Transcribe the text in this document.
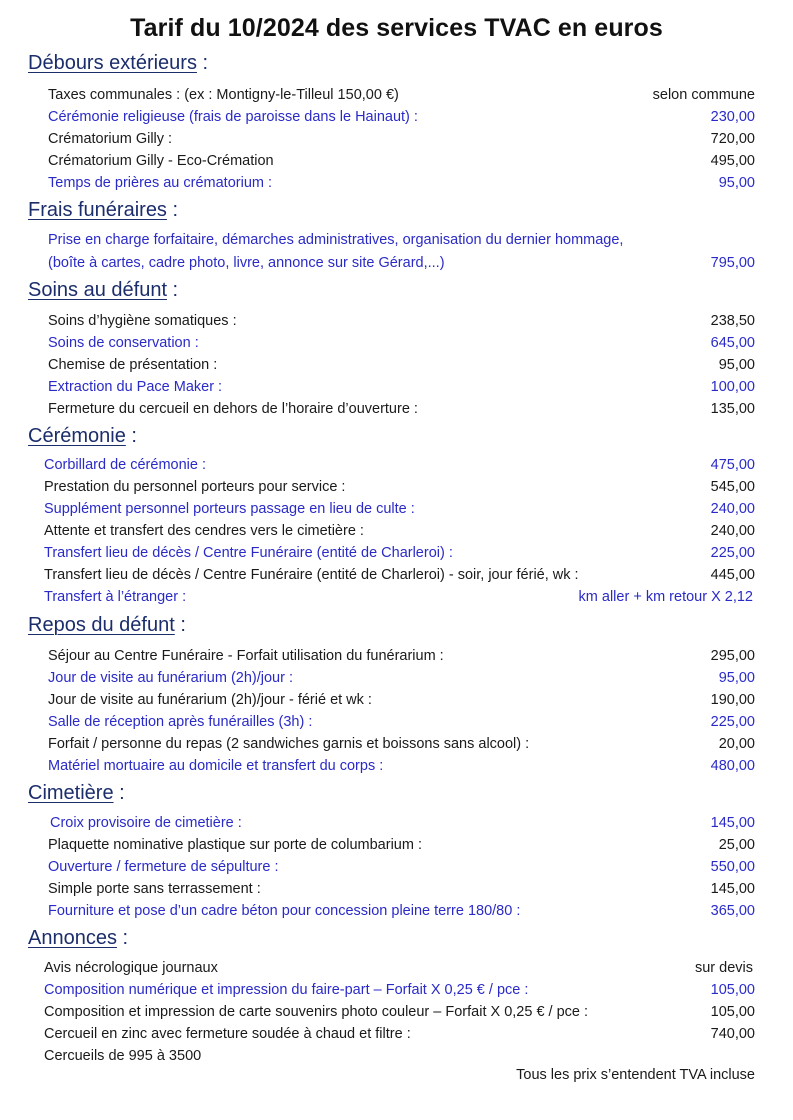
Tarif du 10/2024 des services TVAC en euros
Débours extérieurs :
Taxes communales : (ex : Montigny-le-Tilleul 150,00 €)	selon commune
Cérémonie religieuse (frais de paroisse dans le Hainaut) :	230,00
Crématorium Gilly :	720,00
Crématorium Gilly - Eco-Crémation	495,00
Temps de prières au crématorium :	95,00
Frais funéraires :
Prise en charge forfaitaire, démarches administratives, organisation du dernier hommage, (boîte à cartes, cadre photo, livre, annonce sur site Gérard,...)	795,00
Soins au défunt :
Soins d’hygiène somatiques :	238,50
Soins de conservation :	645,00
Chemise de présentation :	95,00
Extraction du Pace Maker :	100,00
Fermeture du cercueil en dehors de l’horaire d’ouverture :	135,00
Cérémonie :
Corbillard de cérémonie :	475,00
Prestation du personnel porteurs pour service :	545,00
Supplément personnel porteurs passage en lieu de culte :	240,00
Attente et transfert des cendres vers le cimetière :	240,00
Transfert lieu de décès / Centre Funéraire (entité de Charleroi) :	225,00
Transfert lieu de décès / Centre Funéraire (entité de Charleroi) - soir, jour férié, wk :	445,00
Transfert à l’étranger :	km aller + km retour X 2,12
Repos du défunt :
Séjour au Centre Funéraire - Forfait utilisation du funérarium :	295,00
Jour de visite au funérarium (2h)/jour :	95,00
Jour de visite au funérarium (2h)/jour - férié et wk :	190,00
Salle de réception après funérailles (3h) :	225,00
Forfait / personne du repas (2 sandwiches garnis et boissons sans alcool) :	20,00
Matériel mortuaire au domicile et transfert du corps :	480,00
Cimetière :
Croix provisoire de cimetière :	145,00
Plaquette nominative plastique sur porte de columbarium :	25,00
Ouverture / fermeture de sépulture :	550,00
Simple porte sans terrassement :	145,00
Fourniture et pose d’un cadre béton pour concession pleine terre 180/80 :	365,00
Annonces :
Avis nécrologique journaux	sur devis
Composition numérique et impression du faire-part – Forfait X 0,25 € / pce :	105,00
Composition et impression de carte souvenirs photo couleur – Forfait X 0,25 € / pce :	105,00
Cercueil en zinc avec fermeture soudée à chaud et filtre :	740,00
Cercueils de 995 à 3500
Tous les prix s’entendent TVA incluse
